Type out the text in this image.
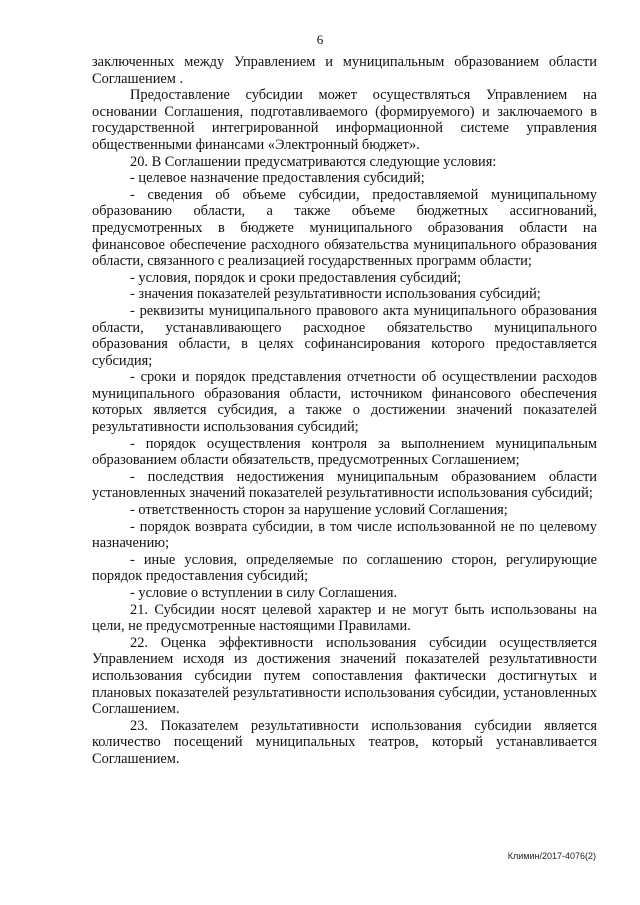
6

заключенных между Управлением и муниципальным образованием области Соглашением .

Предоставление субсидии может осуществляться Управлением на основании Соглашения, подготавливаемого (формируемого) и заключаемого в государственной интегрированной информационной системе управления общественными финансами «Электронный бюджет».

20. В Соглашении предусматриваются следующие условия:

- целевое назначение предоставления субсидий;

- сведения об объеме субсидии, предоставляемой муниципальному образованию области, а также объеме бюджетных ассигнований, предусмотренных в бюджете муниципального образования области на финансовое обеспечение расходного обязательства муниципального образования области, связанного с реализацией государственных программ области;

- условия, порядок и сроки предоставления субсидий;

- значения показателей результативности использования субсидий;

- реквизиты муниципального правового акта муниципального образования области, устанавливающего расходное обязательство муниципального образования области, в целях софинансирования которого предоставляется субсидия;

- сроки и порядок представления отчетности об осуществлении расходов муниципального образования области, источником финансового обеспечения которых является субсидия, а также о достижении значений показателей результативности использования субсидий;

- порядок осуществления контроля за выполнением муниципальным образованием области обязательств, предусмотренных Соглашением;

- последствия недостижения муниципальным образованием области установленных значений показателей результативности использования субсидий;

- ответственность сторон за нарушение условий Соглашения;

- порядок возврата субсидии, в том числе использованной не по целевому назначению;

- иные условия, определяемые по соглашению сторон, регулирующие порядок предоставления субсидий;

- условие о вступлении в силу Соглашения.

21. Субсидии носят целевой характер и не могут быть использованы на цели, не предусмотренные настоящими Правилами.

22. Оценка эффективности использования субсидии осуществляется Управлением исходя из достижения значений показателей результативности использования субсидии путем сопоставления фактически достигнутых и плановых показателей результативности использования субсидии, установленных Соглашением.

23. Показателем результативности использования субсидии является количество посещений муниципальных театров, который устанавливается Соглашением.

Климин/2017-4076(2)
